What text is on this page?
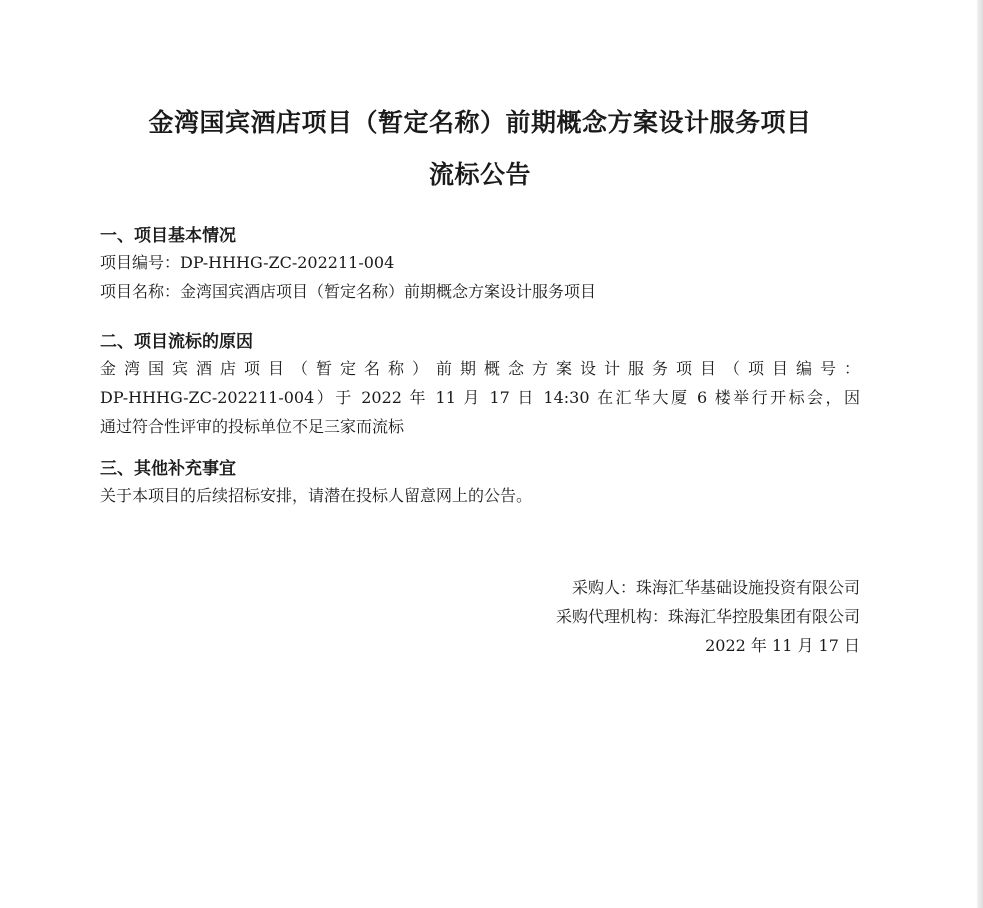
金湾国宾酒店项目（暂定名称）前期概念方案设计服务项目
流标公告
一、项目基本情况
项目编号：DP-HHHG-ZC-202211-004
项目名称：金湾国宾酒店项目（暂定名称）前期概念方案设计服务项目
二、项目流标的原因
金湾国宾酒店项目（暂定名称）前期概念方案设计服务项目（项目编号：
DP-HHHG-ZC-202211-004）于 2022 年 11 月 17 日 14:30 在汇华大厦 6 楼举行开标会，因
通过符合性评审的投标单位不足三家而流标
三、其他补充事宜
关于本项目的后续招标安排，请潜在投标人留意网上的公告。
采购人：珠海汇华基础设施投资有限公司
采购代理机构：珠海汇华控股集团有限公司
2022 年 11 月 17 日
